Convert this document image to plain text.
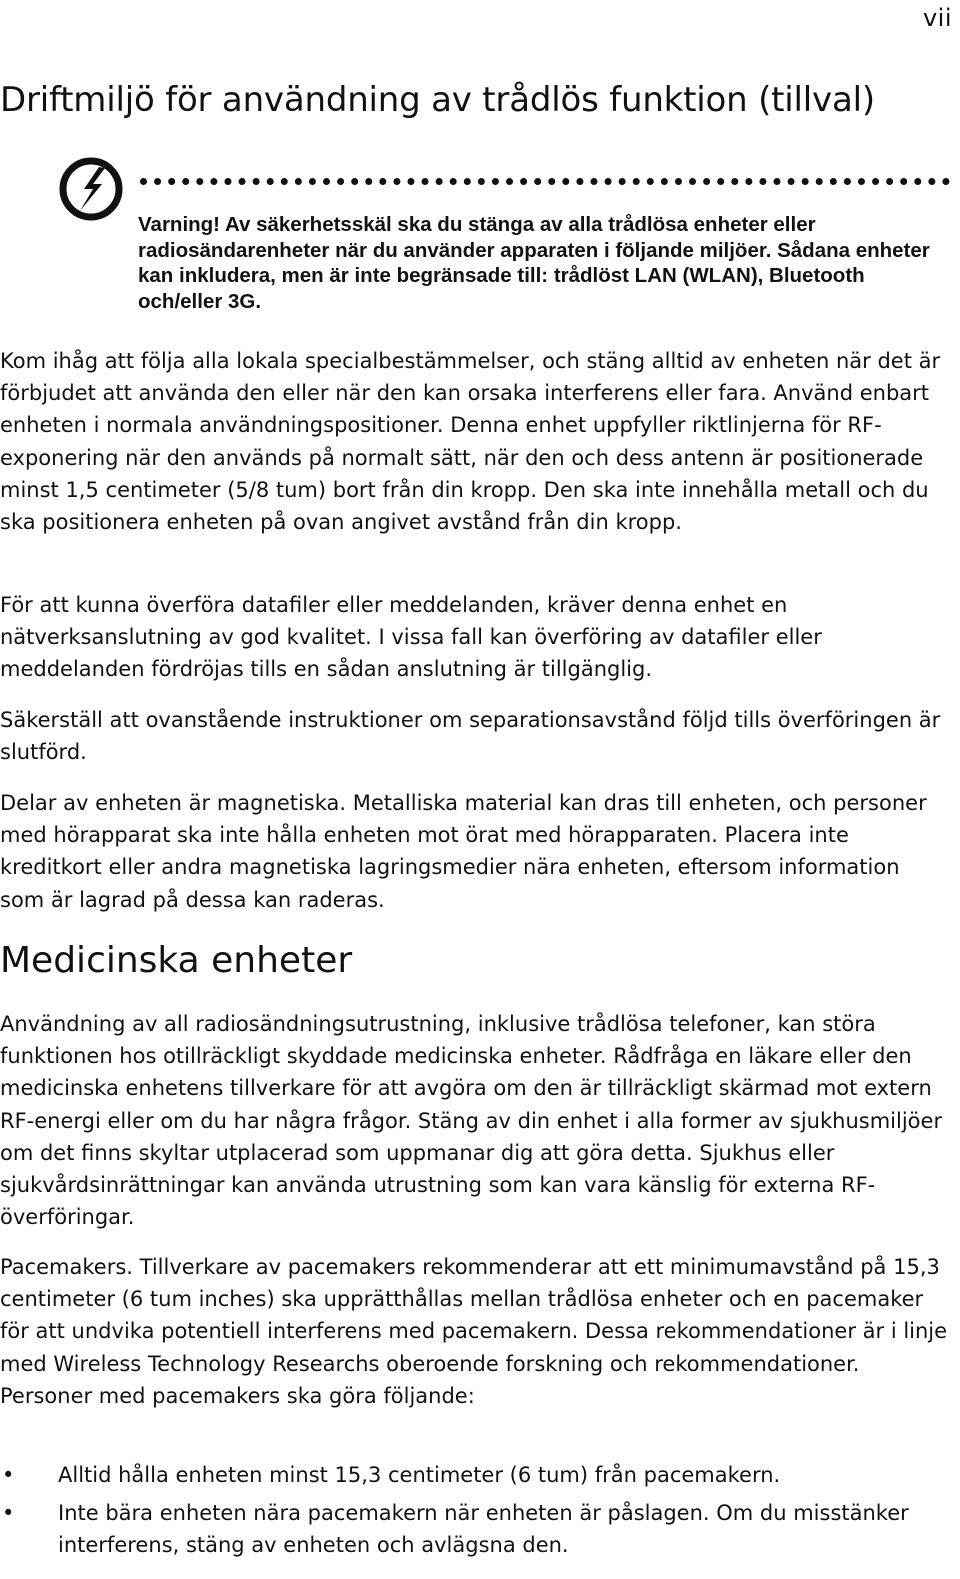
vii
Driftmiljö för användning av trådlös funktion (tillval)

Varning! Av säkerhetsskäl ska du stänga av alla trådlösa enheter eller radiosändarenheter när du använder apparaten i följande miljöer. Sådana enheter kan inkludera, men är inte begränsade till: trådlöst LAN (WLAN), Bluetooth och/eller 3G.

Kom ihåg att följa alla lokala specialbestämmelser, och stäng alltid av enheten när det är förbjudet att använda den eller när den kan orsaka interferens eller fara. Använd enbart enheten i normala användningspositioner. Denna enhet uppfyller riktlinjerna för RF-exponering när den används på normalt sätt, när den och dess antenn är positionerade minst 1,5 centimeter (5/8 tum) bort från din kropp. Den ska inte innehålla metall och du ska positionera enheten på ovan angivet avstånd från din kropp.

För att kunna överföra datafiler eller meddelanden, kräver denna enhet en nätverksanslutning av god kvalitet. I vissa fall kan överföring av datafiler eller meddelanden fördröjas tills en sådan anslutning är tillgänglig.

Säkerställ att ovanstående instruktioner om separationsavstånd följd tills överföringen är slutförd.

Delar av enheten är magnetiska. Metalliska material kan dras till enheten, och personer med hörapparat ska inte hålla enheten mot örat med hörapparaten. Placera inte kreditkort eller andra magnetiska lagringsmedier nära enheten, eftersom information som är lagrad på dessa kan raderas.

Medicinska enheter

Användning av all radiosändningsutrustning, inklusive trådlösa telefoner, kan störa funktionen hos otillräckligt skyddade medicinska enheter. Rådfråga en läkare eller den medicinska enhetens tillverkare för att avgöra om den är tillräckligt skärmad mot extern RF-energi eller om du har några frågor. Stäng av din enhet i alla former av sjukhusmiljöer om det finns skyltar utplacerad som uppmanar dig att göra detta. Sjukhus eller sjukvårdsinrättningar kan använda utrustning som kan vara känslig för externa RF-överföringar.

Pacemakers. Tillverkare av pacemakers rekommenderar att ett minimumavstånd på 15,3 centimeter (6 tum inches) ska upprätthållas mellan trådlösa enheter och en pacemaker för att undvika potentiell interferens med pacemakern. Dessa rekommendationer är i linje med Wireless Technology Researchs oberoende forskning och rekommendationer. Personer med pacemakers ska göra följande:

• Alltid hålla enheten minst 15,3 centimeter (6 tum) från pacemakern.
• Inte bära enheten nära pacemakern när enheten är påslagen. Om du misstänker interferens, stäng av enheten och avlägsna den.
